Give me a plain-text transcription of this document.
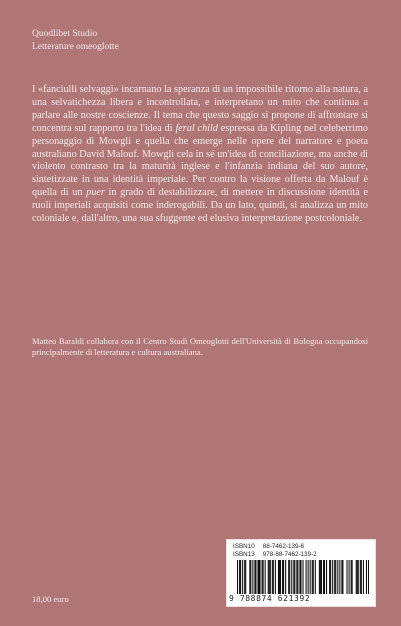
Quodlibet Studio
Letterature omeoglotte
I «fanciulli selvaggi» incarnano la speranza di un impossibile ritorno alla natura, a una selvatichezza libera e incontrollata, e interpretano un mito che continua a parlare alle nostre coscienze. Il tema che questo saggio si propone di affrontare si concentra sul rapporto tra l'idea di feral child espressa da Kipling nel celeberrimo personaggio di Mowgli e quella che emerge nelle opere del narratore e poeta australiano David Malouf. Mowgli cela in sé un'idea di conciliazione, ma anche di violento contrasto tra la maturità inglese e l'infanzia indiana del suo autore, sintetizzate in una identità imperiale. Per contro la visione offerta da Malouf è quella di un puer in grado di destabilizzare, di mettere in discussione identità e ruoli imperiali acquisiti come inderogabili. Da un lato, quindi, si analizza un mito coloniale e, dall'altro, una sua sfuggente ed elusiva interpretazione postcoloniale.
Matteo Baraldi collabora con il Centro Studi Omeoglotti dell'Università di Bologna occupandosi principalmente di letteratura e cultura australiana.
18,00 euro
ISBN10 88-7462-139-6
ISBN13 978-88-7462-139-2
9 788874 621392
